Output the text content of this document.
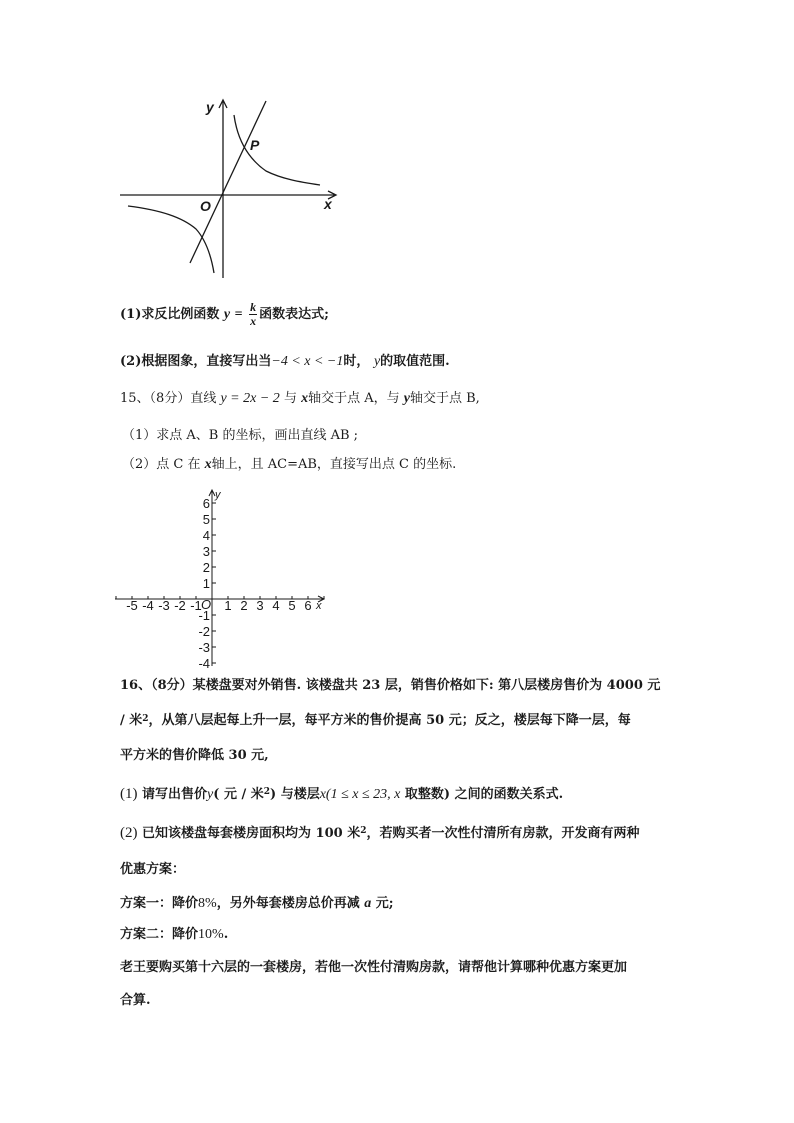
y
x
O
P
(1)求反比例函数 $y = \frac{k}{x}$ 函数表达式;
(2)根据图象，直接写出当−4 < x < −1时， y的取值范围.
15、（8分）直线 y = 2x − 2 与 x轴交于点 A，与 y轴交于点 B,
（1）求点 A、B 的坐标，画出直线 AB ;
（2）点 C 在 x轴上，且 AC=AB，直接写出点 C 的坐标.
-5 -4 -3 -2 -1 1 2 3 4 5 6
1
2
3
4
5
6
-1
-2
-3
-4
x
y
O
16、（8分）某楼盘要对外销售. 该楼盘共 23 层，销售价格如下: 第八层楼房售价为 4000 元
/ 米$^2$，从第八层起每上升一层，每平方米的售价提高 50 元；反之，楼层每下降一层，每
平方米的售价降低 30 元,
(1) 请写出售价y( 元 / 米$^2$) 与楼层x(1 ≤ x ≤ 23, x 取整数) 之间的函数关系式.
(2) 已知该楼盘每套楼房面积均为 100 米$^2$，若购买者一次性付清所有房款，开发商有两种
优惠方案：
方案一：降价8%，另外每套楼房总价再减 a 元;
方案二：降价10%.
老王要购买第十六层的一套楼房，若他一次性付清购房款，请帮他计算哪种优惠方案更加
合算.
